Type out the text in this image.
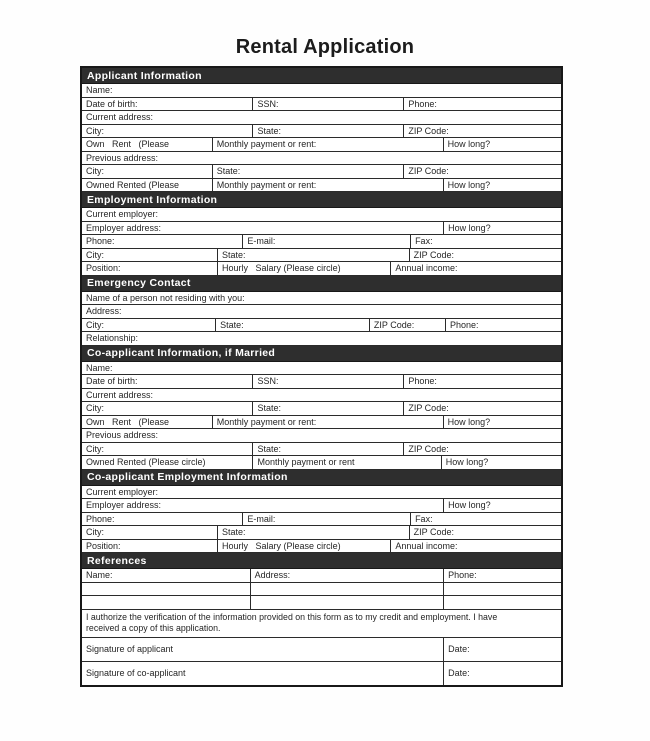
Rental Application
Applicant Information
Name:
Date of birth:	SSN:	Phone:
Current address:
City:	State:	ZIP Code:
Own   Rent   (Please	Monthly payment or rent:	How long?
Previous address:
City:	State:	ZIP Code:
Owned Rented (Please	Monthly payment or rent:	How long?
Employment Information
Current employer:
Employer address:	How long?
Phone:	E-mail:	Fax:
City:	State:	ZIP Code:
Position:	Hourly   Salary (Please circle)	Annual income:
Emergency Contact
Name of a person not residing with you:
Address:
City:	State:	ZIP Code:	Phone:
Relationship:
Co-applicant Information, if Married
Name:
Date of birth:	SSN:	Phone:
Current address:
City:	State:	ZIP Code:
Own   Rent   (Please	Monthly payment or rent:	How long?
Previous address:
City:	State:	ZIP Code:
Owned Rented (Please circle)	Monthly payment or rent	How long?
Co-applicant Employment Information
Current employer:
Employer address:	How long?
Phone:	E-mail:	Fax:
City:	State:	ZIP Code:
Position:	Hourly   Salary (Please circle)	Annual income:
References
Name:	Address:	Phone:
I authorize the verification of the information provided on this form as to my credit and employment. I have received a copy of this application.
Signature of applicant	Date:
Signature of co-applicant	Date:
